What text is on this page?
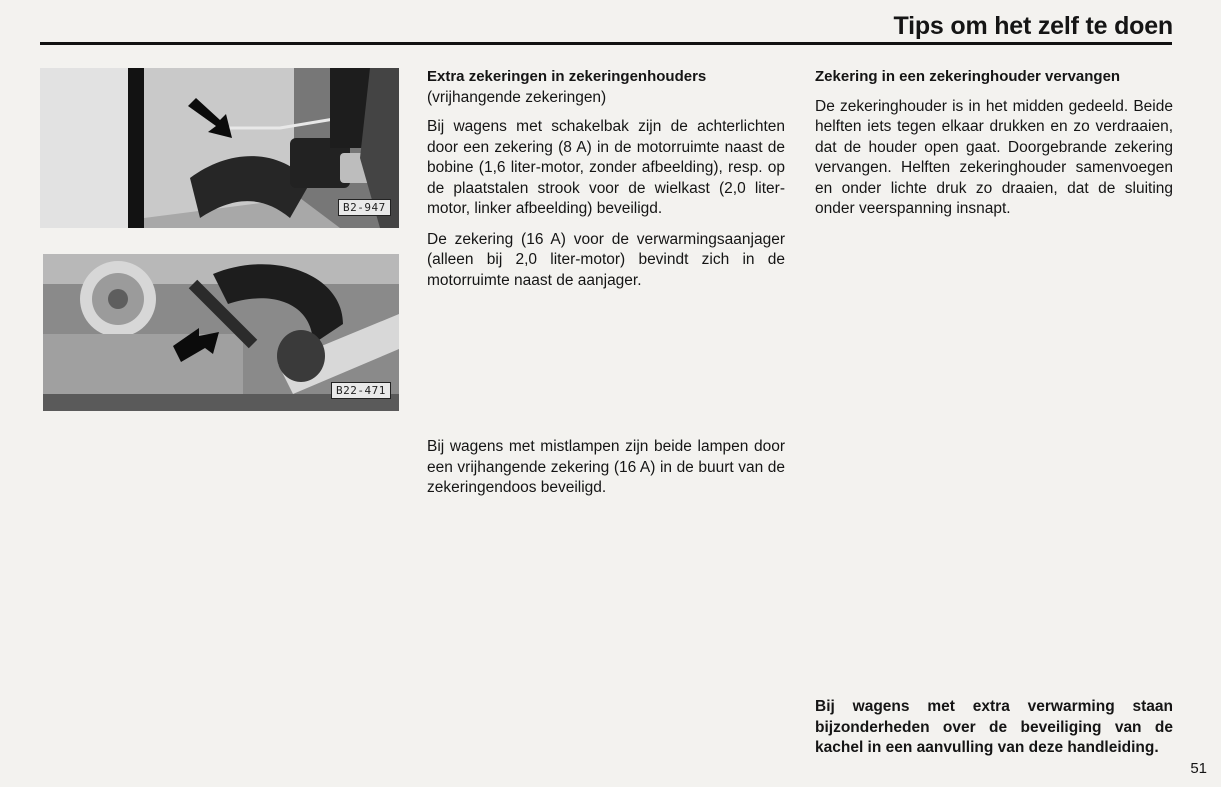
Tips om het zelf te doen
B2-947
B22-471
Extra zekeringen in zekeringenhouders
(vrijhangende zekeringen)

Bij wagens met schakelbak zijn de achterlichten door een zekering (8 A) in de motorruimte naast de bobine (1,6 liter-motor, zonder afbeelding), resp. op de plaatstalen strook voor de wielkast (2,0 liter-motor, linker afbeelding) beveiligd.

De zekering (16 A) voor de verwarmingsaanjager (alleen bij 2,0 liter-motor) bevindt zich in de motorruimte naast de aanjager.

Bij wagens met mistlampen zijn beide lampen door een vrijhangende zekering (16 A) in de buurt van de zekeringendoos beveiligd.

Zekering in een zekeringhouder vervangen

De zekeringhouder is in het midden gedeeld. Beide helften iets tegen elkaar drukken en zo verdraaien, dat de houder open gaat. Doorgebrande zekering vervangen. Helften zekeringhouder samenvoegen en onder lichte druk zo draaien, dat de sluiting onder veerspanning insnapt.

Bij wagens met extra verwarming staan bijzonderheden over de beveiliging van de kachel in een aanvulling van deze handleiding.
51
